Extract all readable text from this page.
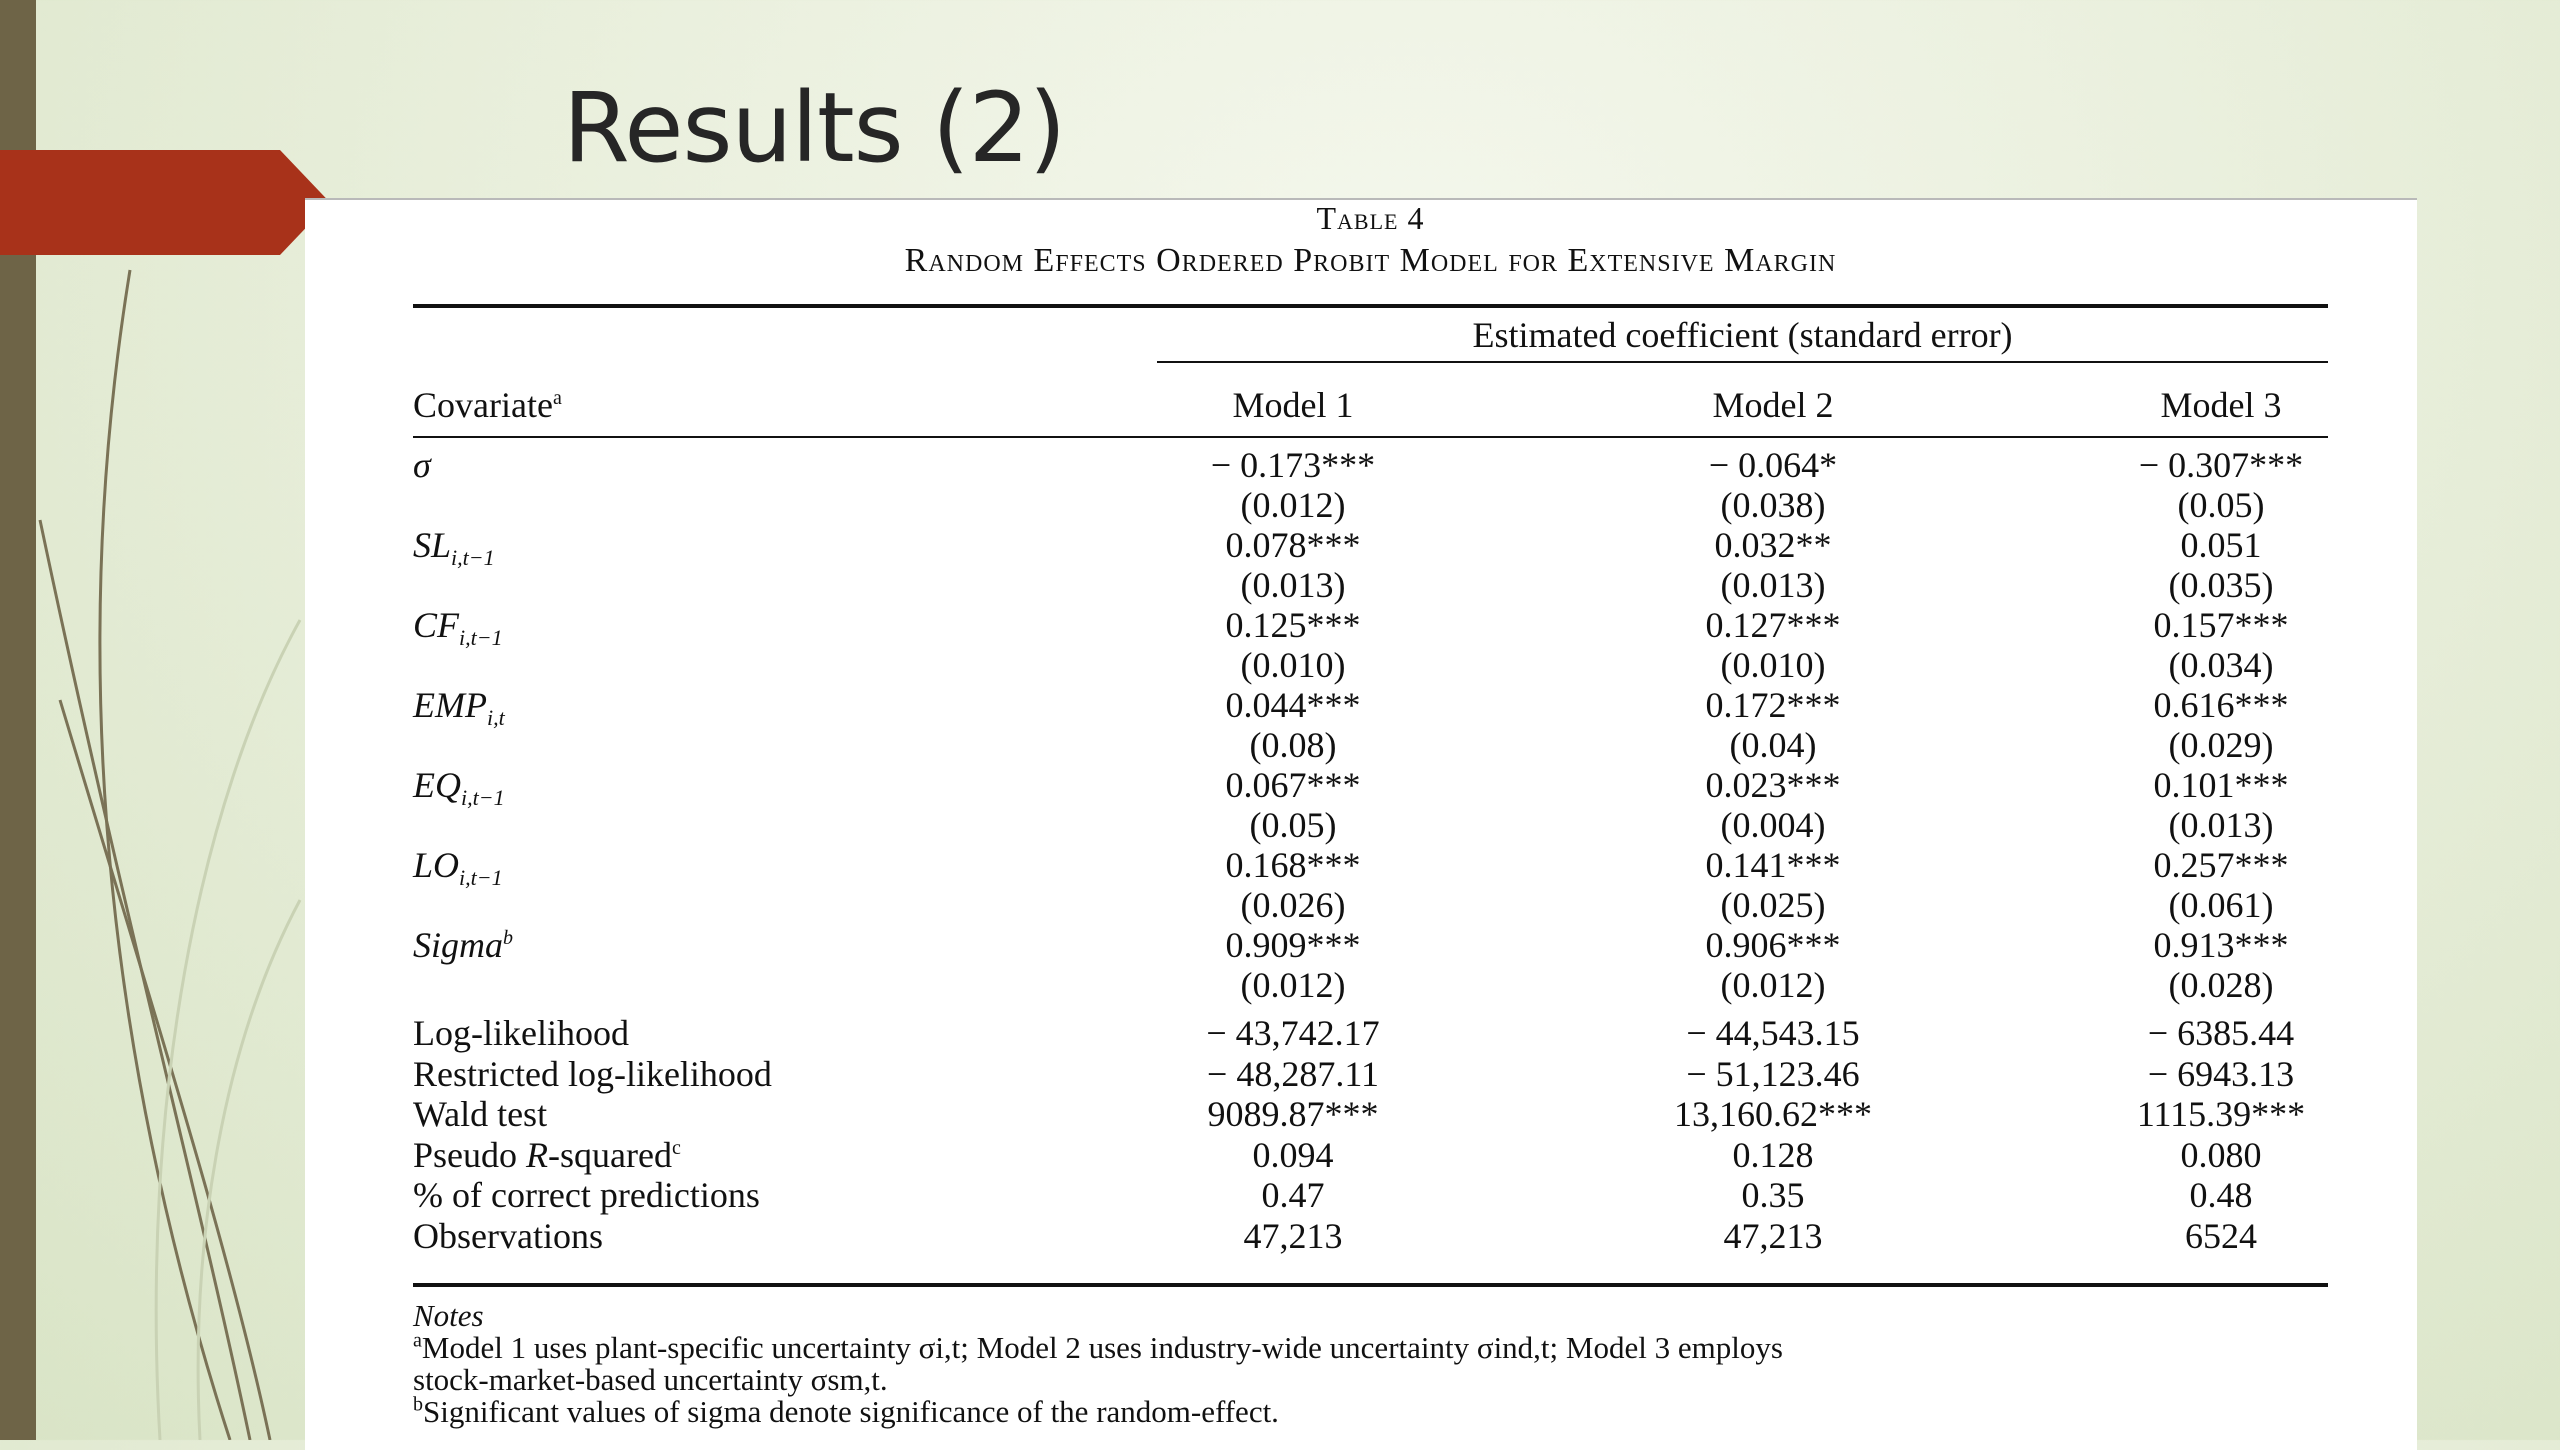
Results (2)
Table 4
Random Effects Ordered Probit Model for Extensive Margin
Estimated coefficient (standard error)
Covariate$^a$	Model 1	Model 2	Model 3
σ	− 0.173***	− 0.064*	− 0.307***
(0.012)	(0.038)	(0.05)
$SL_{i,t-1}$	0.078***	0.032**	0.051
(0.013)	(0.013)	(0.035)
$CF_{i,t-1}$	0.125***	0.127***	0.157***
(0.010)	(0.010)	(0.034)
$EMP_{i,t}$	0.044***	0.172***	0.616***
(0.08)	(0.04)	(0.029)
$EQ_{i,t-1}$	0.067***	0.023***	0.101***
(0.05)	(0.004)	(0.013)
$LO_{i,t-1}$	0.168***	0.141***	0.257***
(0.026)	(0.025)	(0.061)
Sigma$^b$	0.909***	0.906***	0.913***
(0.012)	(0.012)	(0.028)
Log-likelihood	− 43,742.17	− 44,543.15	− 6385.44
Restricted log-likelihood	− 48,287.11	− 51,123.46	− 6943.13
Wald test	9089.87***	13,160.62***	1115.39***
Pseudo R-squared$^c$	0.094	0.128	0.080
% of correct predictions	0.47	0.35	0.48
Observations	47,213	47,213	6524
Notes
$^a$Model 1 uses plant-specific uncertainty σi,t; Model 2 uses industry-wide uncertainty σind,t; Model 3 employs
stock-market-based uncertainty σsm,t.
$^b$Significant values of sigma denote significance of the random-effect.
